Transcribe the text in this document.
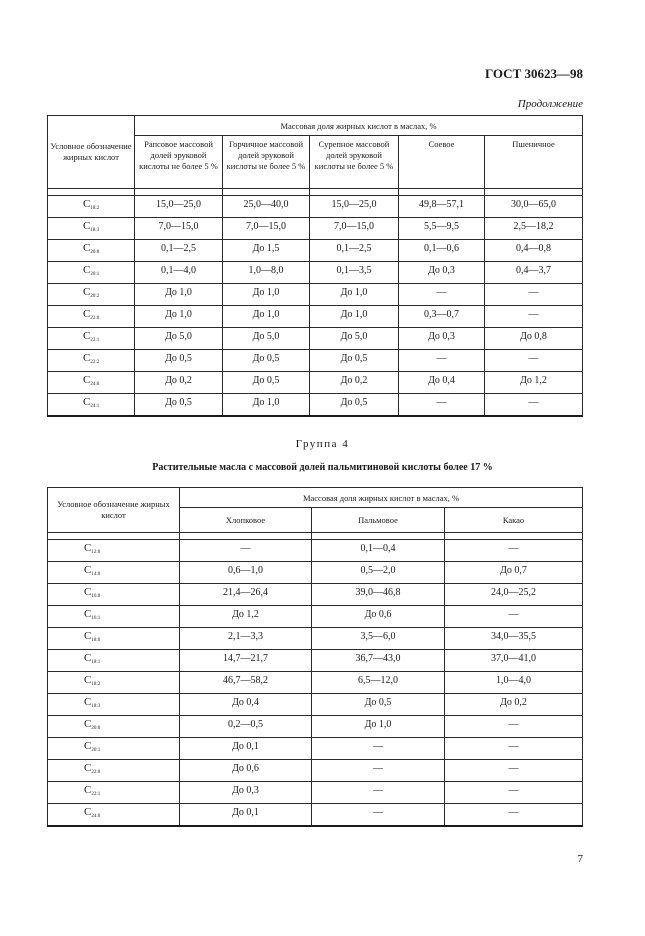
ГОСТ 30623—98
Продолжение
Условное обозначение жирных кислот	Массовая доля жирных кислот в маслах, %				
	Рапсовое массовой долей эруковой кислоты не более 5 %	Горчичное массовой долей эруковой кислоты не более 5 %	Сурепное массовой долей эруковой кислоты не более 5 %	Соевое	Пшеничное

$C_{18:2}$	15,0—25,0	25,0—40,0	15,0—25,0	49,8—57,1	30,0—65,0
$C_{18:3}$	7,0—15,0	7,0—15,0	7,0—15,0	5,5—9,5	2,5—18,2
$C_{20:0}$	0,1—2,5	До 1,5	0,1—2,5	0,1—0,6	0,4—0,8
$C_{20:1}$	0,1—4,0	1,0—8,0	0,1—3,5	До 0,3	0,4—3,7
$C_{20:2}$	До 1,0	До 1,0	До 1,0	—	—
$C_{22:0}$	До 1,0	До 1,0	До 1,0	0,3—0,7	—
$C_{22:1}$	До 5,0	До 5,0	До 5,0	До 0,3	До 0,8
$C_{22:2}$	До 0,5	До 0,5	До 0,5	—	—
$C_{24:0}$	До 0,2	До 0,5	До 0,2	До 0,4	До 1,2
$C_{24:1}$	До 0,5	До 1,0	До 0,5	—	—
Группа 4
Растительные масла с массовой долей пальмитиновой кислоты более 17 %
Условное обозначение жирных кислот	Массовая доля жирных кислот в маслах, %		
	Хлопковое	Пальмовое	Какао

$C_{12:0}$	—	0,1—0,4	—
$C_{14:0}$	0,6—1,0	0,5—2,0	До 0,7
$C_{16:0}$	21,4—26,4	39,0—46,8	24,0—25,2
$C_{16:1}$	До 1,2	До 0,6	—
$C_{18:0}$	2,1—3,3	3,5—6,0	34,0—35,5
$C_{18:1}$	14,7—21,7	36,7—43,0	37,0—41,0
$C_{18:2}$	46,7—58,2	6,5—12,0	1,0—4,0
$C_{18:3}$	До 0,4	До 0,5	До 0,2
$C_{20:0}$	0,2—0,5	До 1,0	—
$C_{20:1}$	До 0,1	—	—
$C_{22:0}$	До 0,6	—	—
$C_{22:1}$	До 0,3	—	—
$C_{24:0}$	До 0,1	—	—
7
